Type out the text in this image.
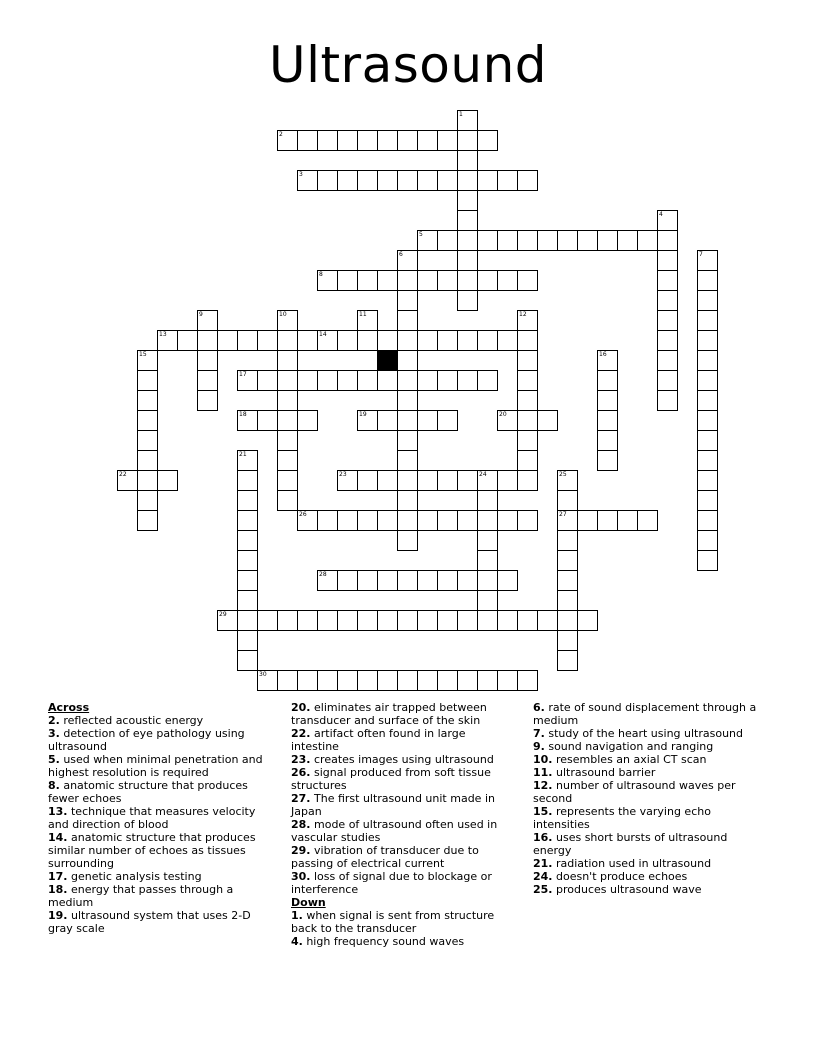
Ultrasound
1
2
3
4
5
6	7
8
9	10	11	12
13	14
15	16
17
18	19	20
21
22	23	24	25
27
26
28
29
30

Across

2. reflected acoustic energy

3. detection of eye pathology using ultrasound

5. used when minimal penetration and highest resolution is required

8. anatomic structure that produces fewer echoes

13. technique that measures velocity and direction of blood

14. anatomic structure that produces similar number of echoes as tissues surrounding

17. genetic analysis testing

18. energy that passes through a medium

19. ultrasound system that uses 2-D gray scale

20. eliminates air trapped between transducer and surface of the skin

22. artifact often found in large intestine

23. creates images using ultrasound

26. signal produced from soft tissue structures

27. The first ultrasound unit made in Japan

28. mode of ultrasound often used in vascular studies

29. vibration of transducer due to passing of electrical current

30. loss of signal due to blockage or interference

Down

1. when signal is sent from structure back to the transducer

4. high frequency sound waves

6. rate of sound displacement through a medium

7. study of the heart using ultrasound

9. sound navigation and ranging

10. resembles an axial CT scan

11. ultrasound barrier

12. number of ultrasound waves per second

15. represents the varying echo intensities

16. uses short bursts of ultrasound energy

21. radiation used in ultrasound

24. doesn't produce echoes

25. produces ultrasound wave
